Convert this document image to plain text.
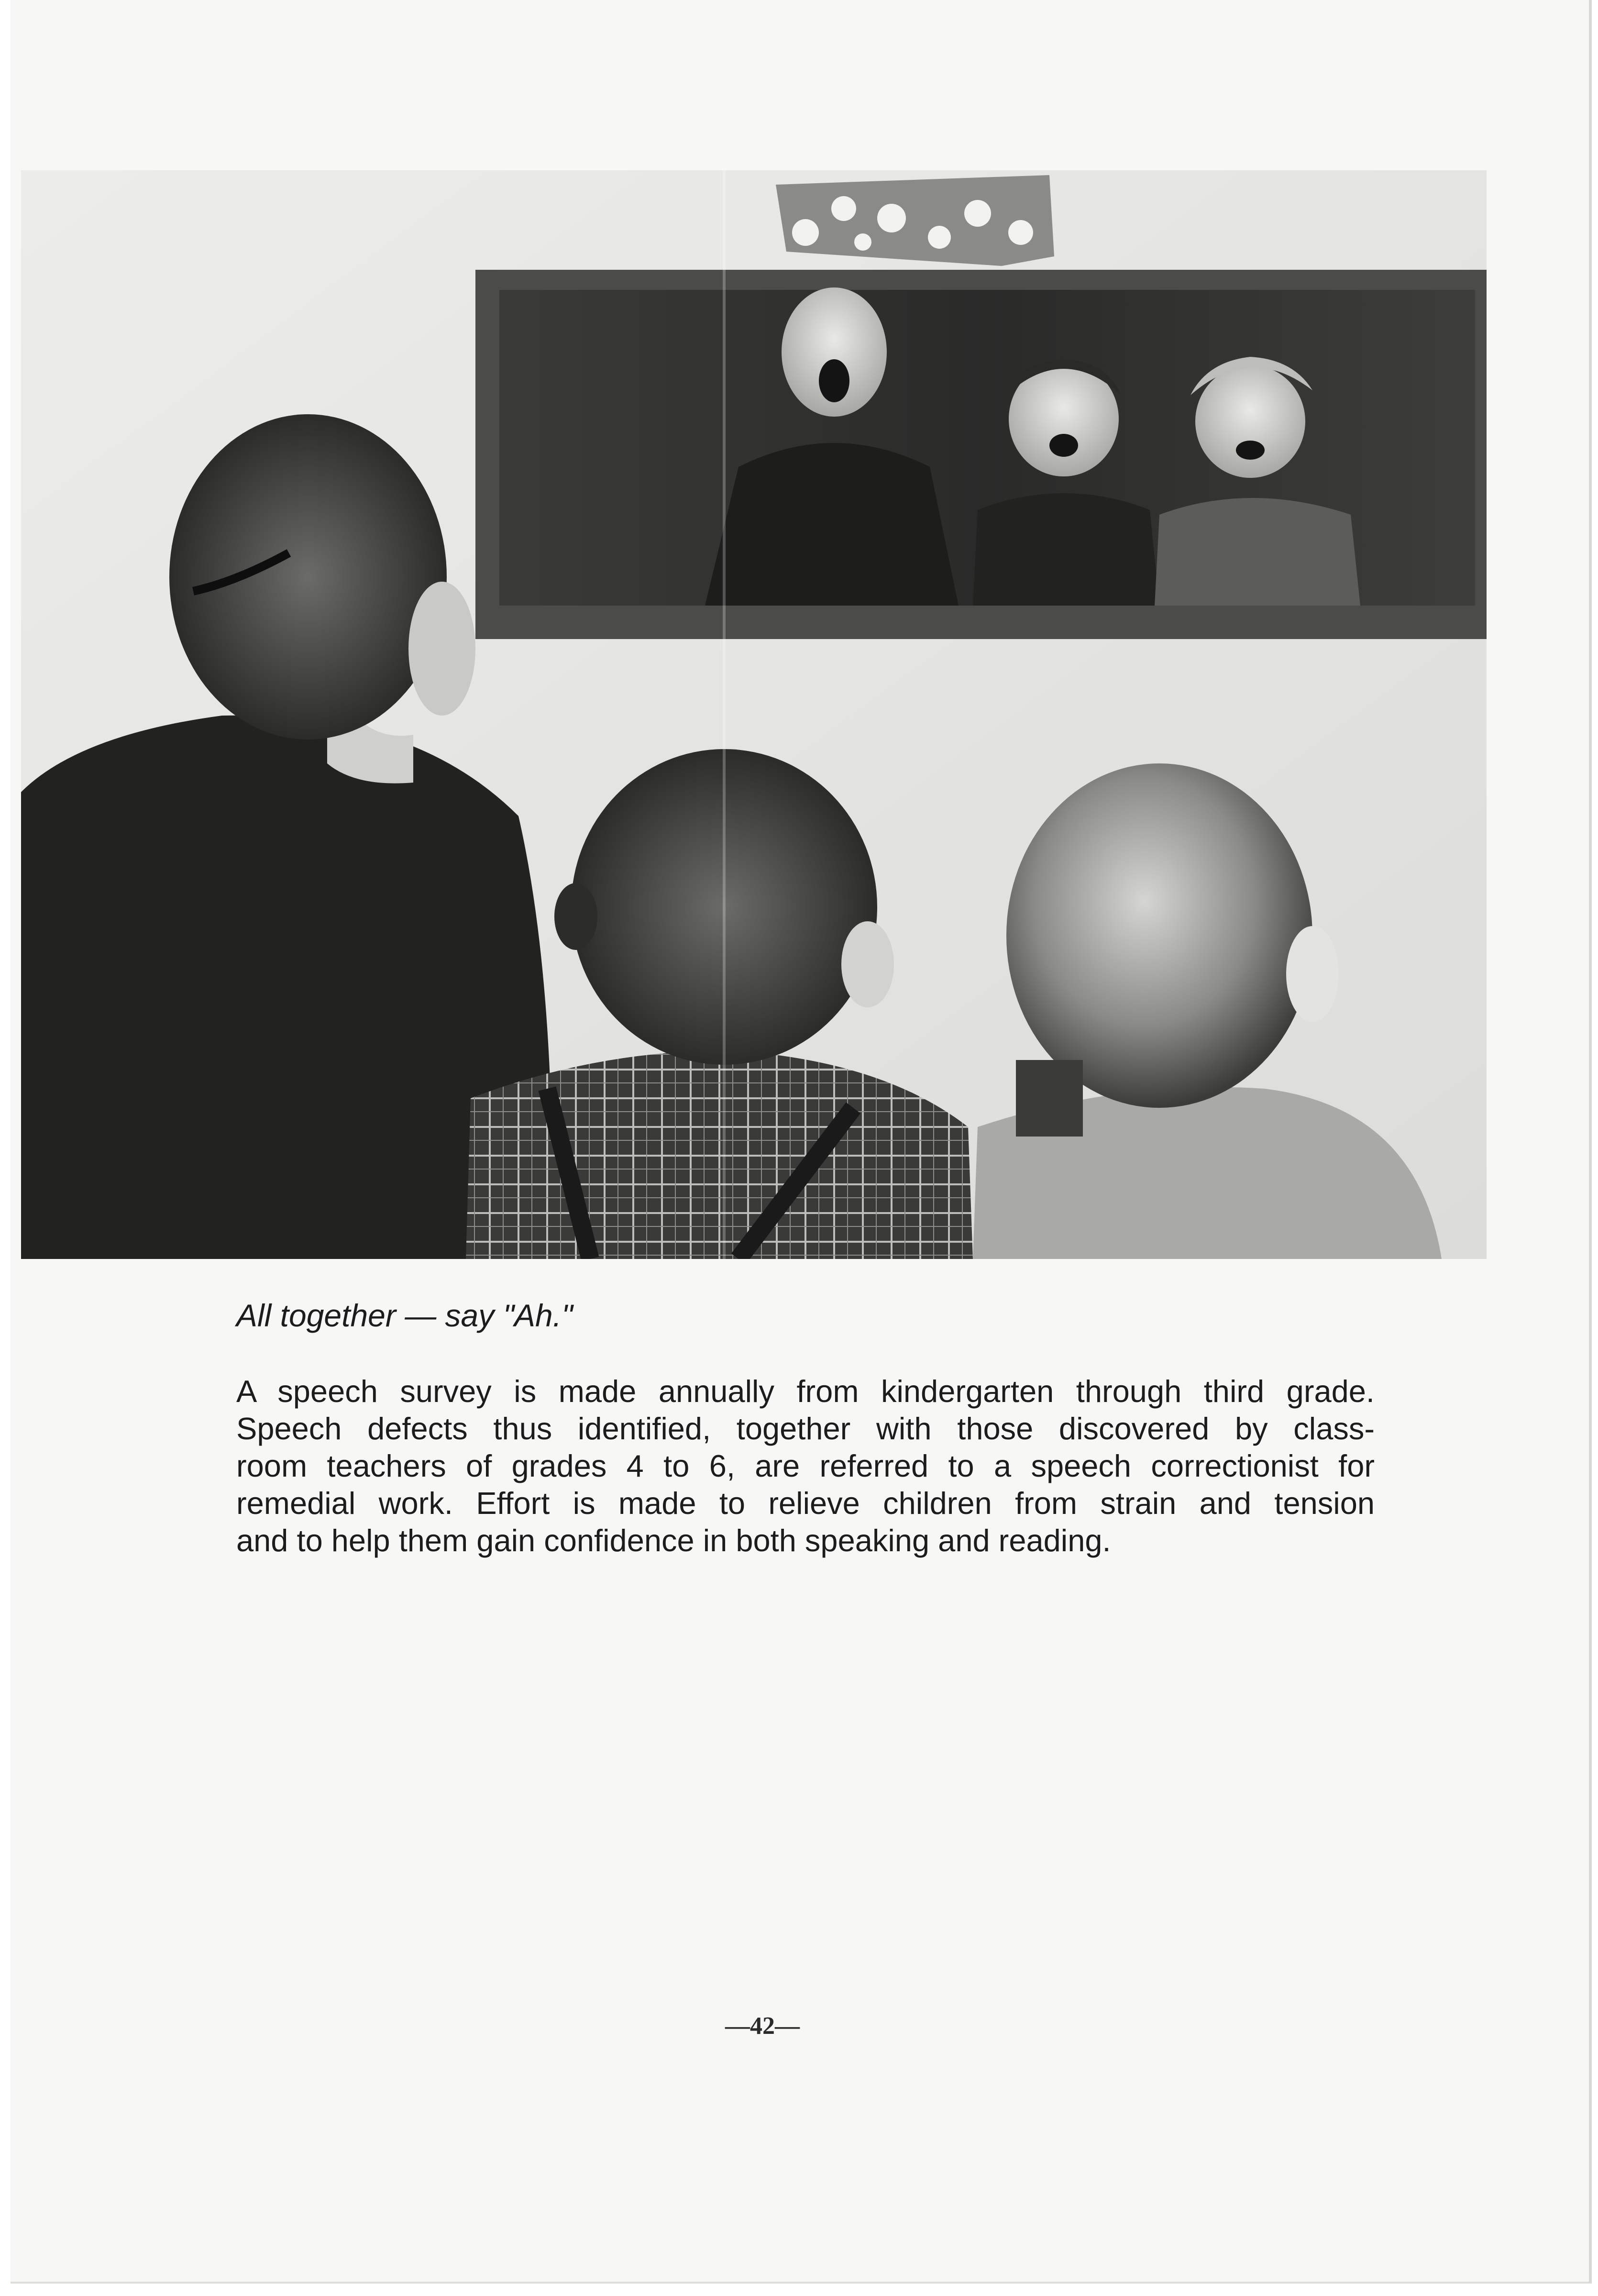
All together — say "Ah."

A speech survey is made annually from kindergarten through third grade.
Speech defects thus identified, together with those discovered by class-
room teachers of grades 4 to 6, are referred to a speech correctionist for
remedial work. Effort is made to relieve children from strain and tension
and to help them gain confidence in both speaking and reading.

—42—
